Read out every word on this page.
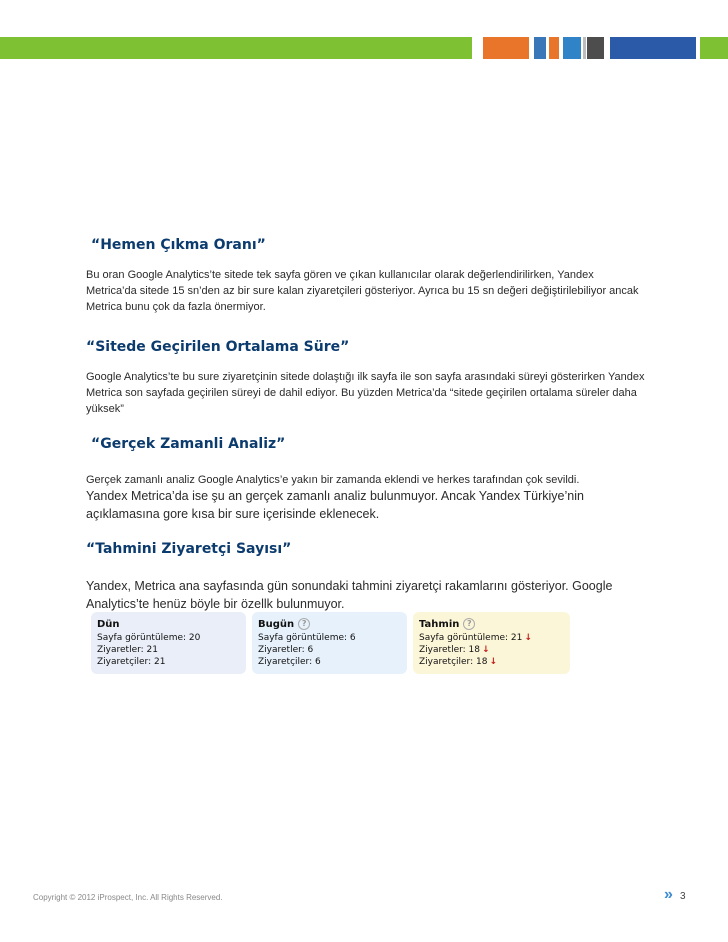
“Hemen Çıkma Oranı”

Bu oran Google Analytics’te sitede tek sayfa gören ve çıkan kullanıcılar olarak değerlendirilirken, Yandex Metrica’da sitede 15 sn’den az bir sure kalan ziyaretçileri gösteriyor. Ayrıca bu 15 sn değeri değiştirilebiliyor ancak Metrica bunu çok da fazla önermiyor.

“Sitede Geçirilen Ortalama Süre”

Google Analytics’te bu sure ziyaretçinin sitede dolaştığı ilk sayfa ile son sayfa arasındaki süreyi gösterirken Yandex Metrica son sayfada geçirilen süreyi de dahil ediyor. Bu yüzden Metrica’da “sitede geçirilen ortalama süreler daha yüksek”

“Gerçek Zamanli Analiz”

Gerçek zamanlı analiz Google Analytics’e yakın bir zamanda eklendi ve herkes tarafından çok sevildi.

Yandex Metrica’da ise şu an gerçek zamanlı analiz bulunmuyor. Ancak Yandex Türkiye’nin açıklamasına gore kısa bir sure içerisinde eklenecek.

“Tahmini Ziyaretçi Sayısı”

Yandex, Metrica ana sayfasında gün sonundaki tahmini ziyaretçi rakamlarını gösteriyor. Google Analytics’te henüz böyle bir özellk bulunmuyor.

Dün
Sayfa görüntüleme: 20
Ziyaretler: 21
Ziyaretçiler: 21
Bugün ?
Sayfa görüntüleme: 6
Ziyaretler: 6
Ziyaretçiler: 6
Tahmin ?
Sayfa görüntüleme: 21 ↓
Ziyaretler: 18 ↓
Ziyaretçiler: 18 ↓
Copyright © 2012 iProspect, Inc. All Rights Reserved.	» 3
